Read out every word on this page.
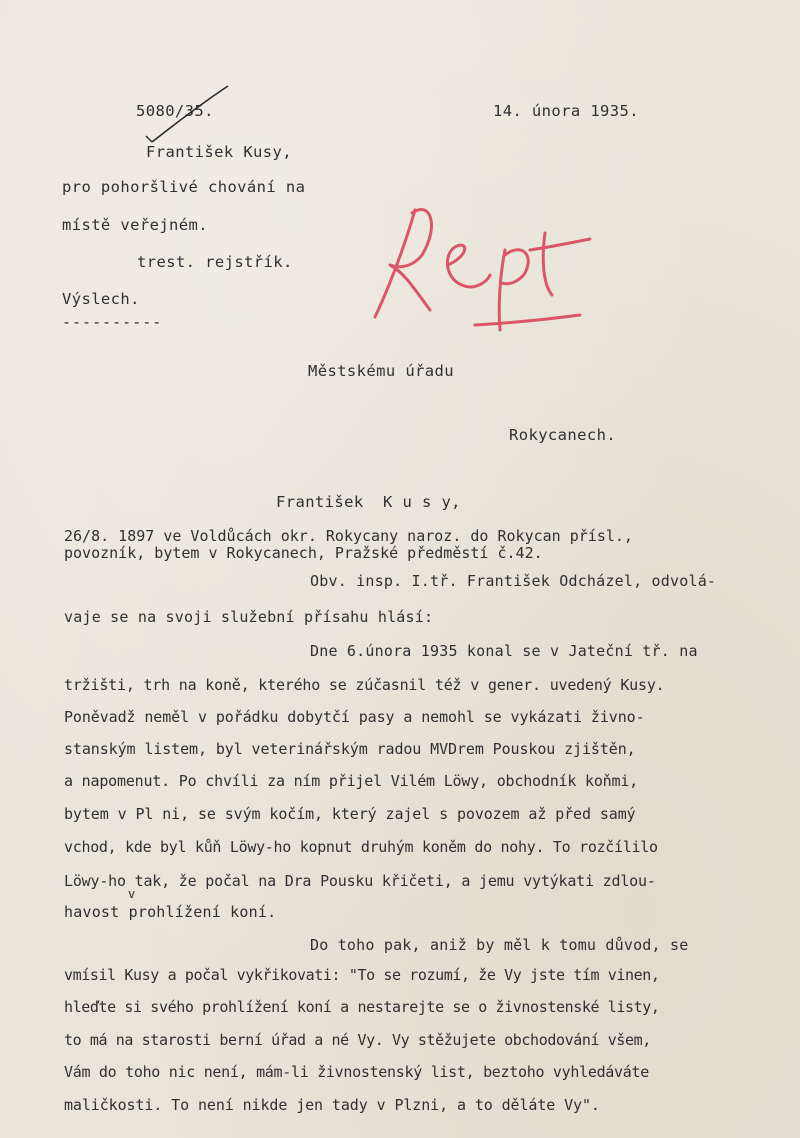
5080/35.	14. února 1935.
František Kusy,
pro pohoršlivé chování na
místě veřejném.
trest. rejstřík.
Výslech.
----------
Rept
Městskému úřadu
Rokycanech.
František  K u s y,
26/8. 1897 ve Voldůcách okr. Rokycany naroz. do Rokycan přísl.,
povozník, bytem v Rokycanech, Pražské předměstí č.42.
Obv. insp. I.tř. František Odcházel, odvolá-
vaje se na svoji služební přísahu hlásí:
Dne 6.února 1935 konal se v Jateční tř. na
tržišti, trh na koně, kterého se zúčasnil též v gener. uvedený Kusy.
Poněvadž neměl v pořádku dobytčí pasy a nemohl se vykázati živno-
stanským listem, byl veterinářským radou MVDrem Pouskou zjištěn,
a napomenut. Po chvíli za ním přijel Vilém Löwy, obchodník koňmi,
bytem v Pl ni, se svým kočím, který zajel s povozem až před samý
vchod, kde byl kůň Löwy-ho kopnut druhým koněm do nohy. To rozčílilo
Löwy-ho tak, že počal na Dra Pousku křičeti, a jemu vytýkati zdlou-
v
havost prohlížení koní.
Do toho pak, aniž by měl k tomu důvod, se
vmísil Kusy a počal vykřikovati: "To se rozumí, že Vy jste tím vinen,
hleďte si svého prohlížení koní a nestarejte se o živnostenské listy,
to má na starosti berní úřad a né Vy. Vy stěžujete obchodování všem,
Vám do toho nic není, mám-li živnostenský list, beztoho vyhledáváte
maličkosti. To není nikde jen tady v Plzni, a to děláte Vy".
